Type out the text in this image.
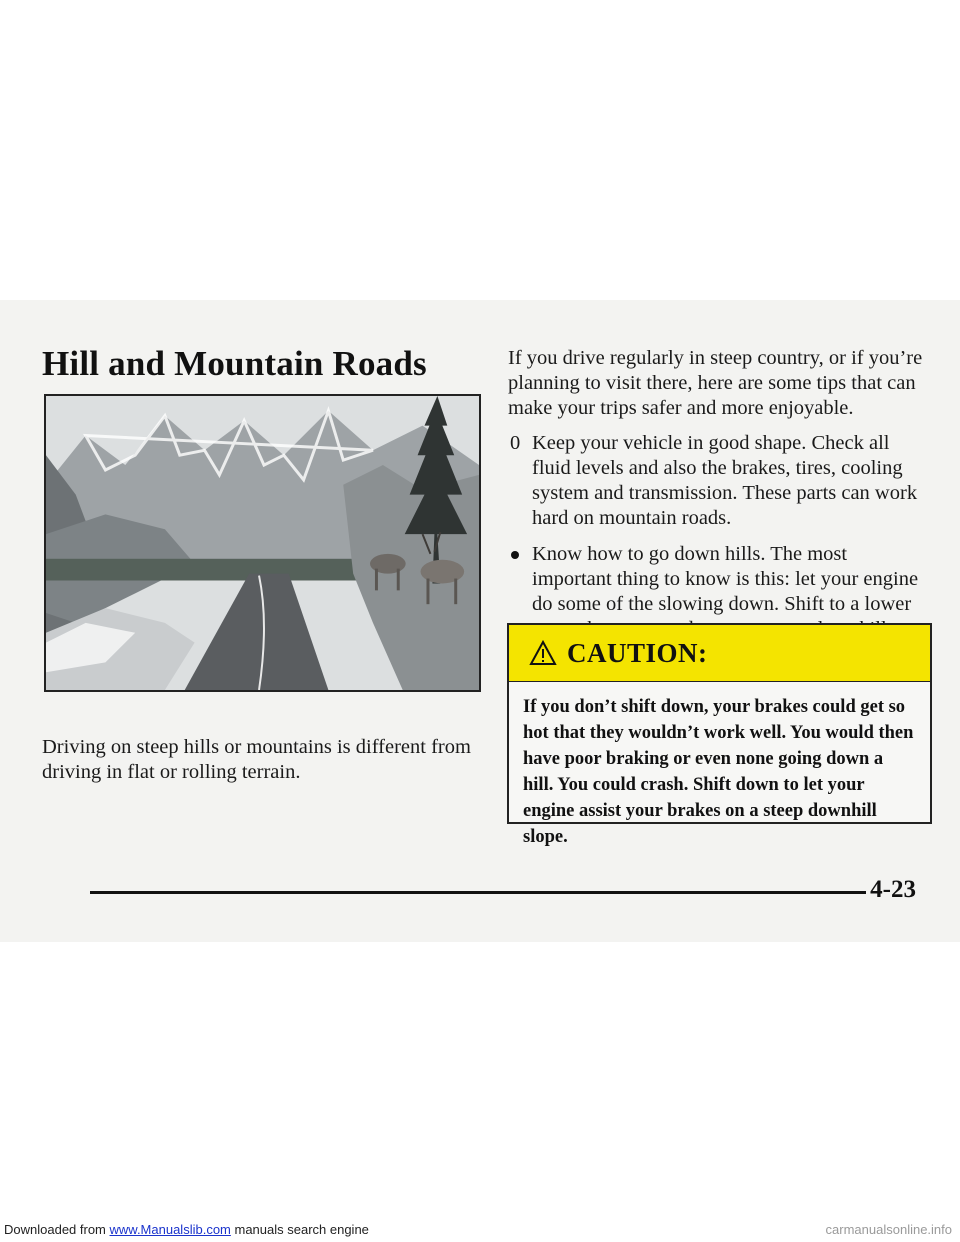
Hill and Mountain Roads
Driving on steep hills or mountains is different from driving in flat or rolling terrain.

If you drive regularly in steep country, or if you’re planning to visit there, here are some tips that can make your trips safer and more enjoyable.

0 Keep your vehicle in good shape. Check all fluid levels and also the brakes, tires, cooling system and transmission. These parts can work hard on mountain roads.
Know how to go down hills. The most important thing to know is this: let your engine do some of the slowing down. Shift to a lower
CAUTION:
If you don’t shift down, your brakes could get so hot that they wouldn’t work well. You would then have poor braking or even none going down a hill. You could crash. Shift down to let your engine assist your brakes on a steep downhill slope.
4-23
Downloaded from www.Manualslib.com manuals search engine	carmanualsonline.info
